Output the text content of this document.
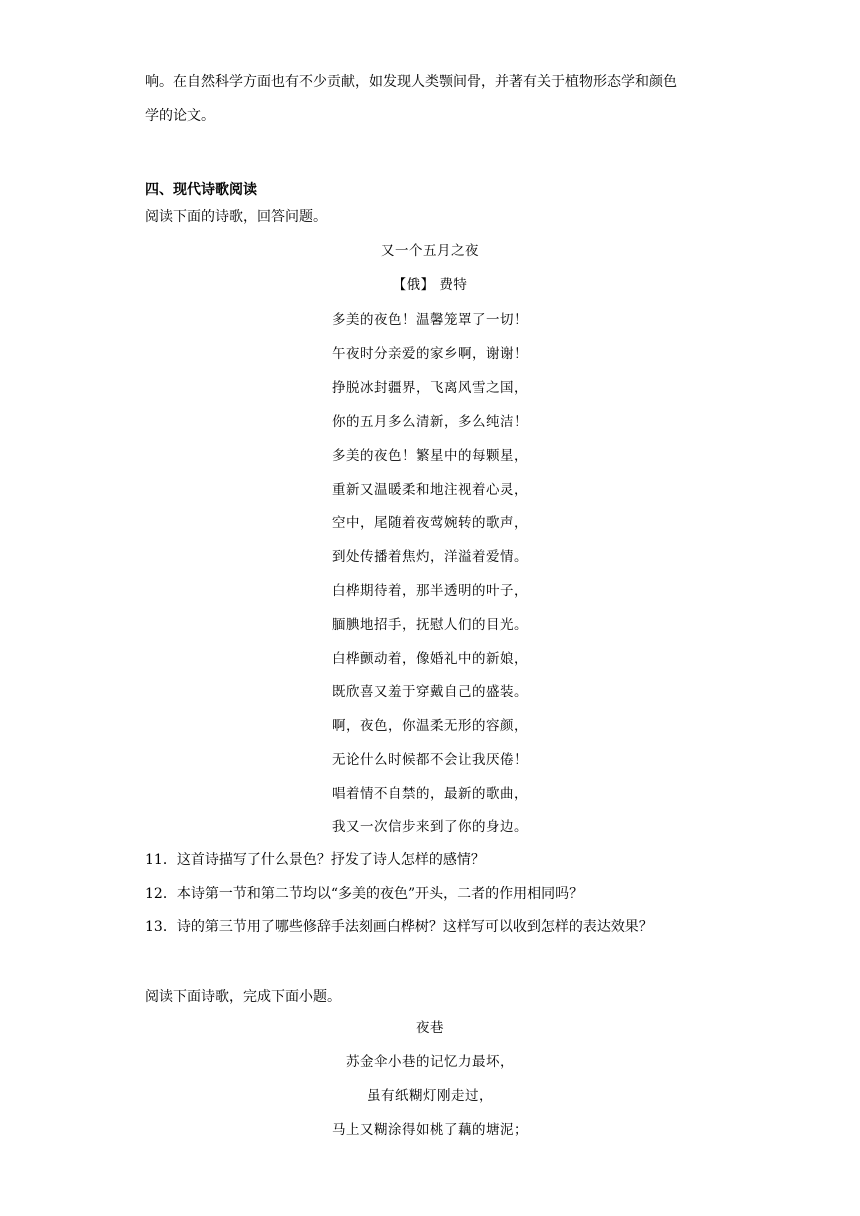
响。在自然科学方面也有不少贡献，如发现人类颚间骨，并著有关于植物形态学和颜色
学的论文。
四、现代诗歌阅读
阅读下面的诗歌，回答问题。
又一个五月之夜
【俄】 费特
多美的夜色！温馨笼罩了一切！
午夜时分亲爱的家乡啊，谢谢！
挣脱冰封疆界，飞离风雪之国，
你的五月多么清新，多么纯洁！
多美的夜色！繁星中的每颗星，
重新又温暖柔和地注视着心灵，
空中，尾随着夜莺婉转的歌声，
到处传播着焦灼，洋溢着爱情。
白桦期待着，那半透明的叶子，
腼腆地招手，抚慰人们的目光。
白桦颤动着，像婚礼中的新娘，
既欣喜又羞于穿戴自己的盛装。
啊，夜色，你温柔无形的容颜，
无论什么时候都不会让我厌倦！
唱着情不自禁的，最新的歌曲，
我又一次信步来到了你的身边。
11．这首诗描写了什么景色？抒发了诗人怎样的感情？
12．本诗第一节和第二节均以“多美的夜色”开头，二者的作用相同吗？
13．诗的第三节用了哪些修辞手法刻画白桦树？这样写可以收到怎样的表达效果？
阅读下面诗歌，完成下面小题。
夜巷
苏金伞小巷的记忆力最坏，
虽有纸糊灯刚走过，
马上又糊涂得如桃了藕的塘泥；
